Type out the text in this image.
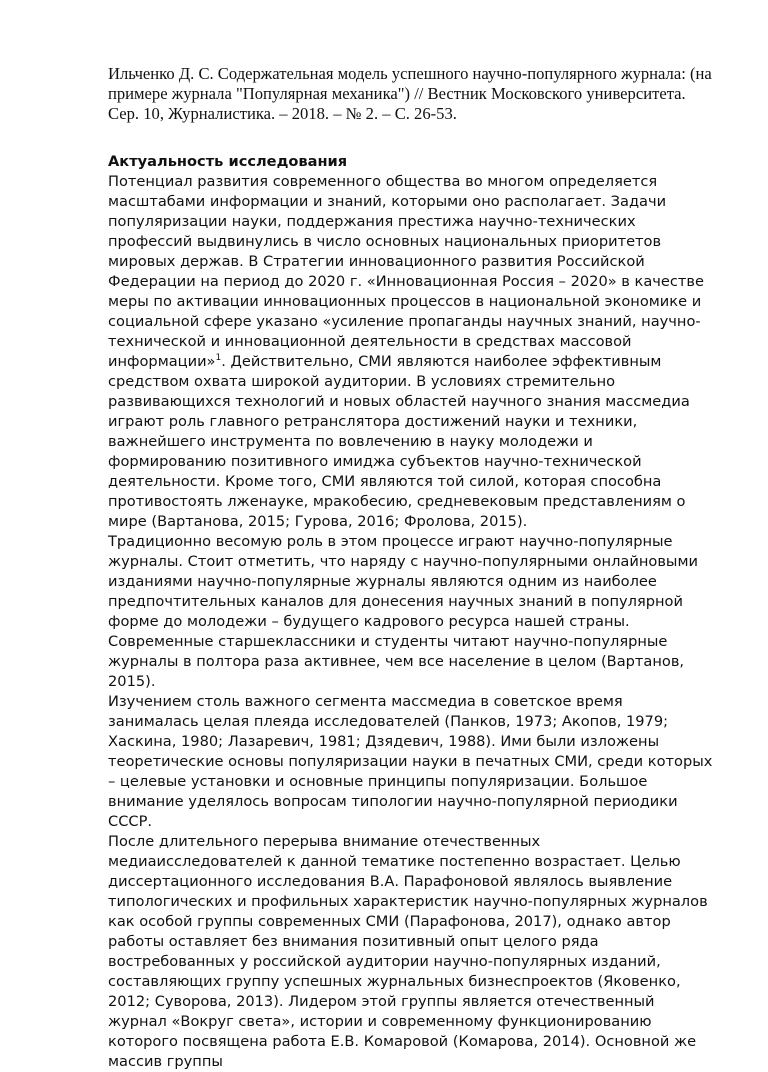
Ильченко Д. С. Содержательная модель успешного научно-популярного журнала: (на примере журнала "Популярная механика") // Вестник Московского университета. Сер. 10, Журналистика. – 2018. – № 2. – С. 26-53.

Актуальность исследования

Потенциал развития современного общества во многом определяется масштабами информации и знаний, которыми оно располагает. Задачи популяризации науки, поддержания престижа научно-технических профессий выдвинулись в число основных национальных приоритетов мировых держав. В Стратегии инновационного развития Российской Федерации на период до 2020 г. «Инновационная Россия – 2020» в качестве меры по активации инновационных процессов в национальной экономике и социальной сфере указано «усиление пропаганды научных знаний, научно-технической и инновационной деятельности в средствах массовой информации»$^1$. Действительно, СМИ являются наиболее эффективным средством охвата широкой аудитории. В условиях стремительно развивающихся технологий и новых областей научного знания массмедиа играют роль главного ретранслятора достижений науки и техники, важнейшего инструмента по вовлечению в науку молодежи и формированию позитивного имиджа субъектов научно-технической деятельности. Кроме того, СМИ являются той силой, которая способна противостоять лженауке, мракобесию, средневековым представлениям о мире (Вартанова, 2015; Гурова, 2016; Фролова, 2015).

Традиционно весомую роль в этом процессе играют научно-популярные журналы. Стоит отметить, что наряду с научно-популярными онлайновыми изданиями научно-популярные журналы являются одним из наиболее предпочтительных каналов для донесения научных знаний в популярной форме до молодежи – будущего кадрового ресурса нашей страны. Современные старшеклассники и студенты читают научно-популярные журналы в полтора раза активнее, чем все население в целом (Вартанов, 2015).

Изучением столь важного сегмента массмедиа в советское время занималась целая плеяда исследователей (Панков, 1973; Акопов, 1979; Хаскина, 1980; Лазаревич, 1981; Дзядевич, 1988). Ими были изложены теоретические основы популяризации науки в печатных СМИ, среди которых – целевые установки и основные принципы популяризации. Большое внимание уделялось вопросам типологии научно-популярной периодики СССР.

После длительного перерыва внимание отечественных медиаисследователей к данной тематике постепенно возрастает. Целью диссертационного исследования В.А. Парафоновой являлось выявление типологических и профильных характеристик научно-популярных журналов как особой группы современных СМИ (Парафонова, 2017), однако автор работы оставляет без внимания позитивный опыт целого ряда востребованных у российской аудитории научно-популярных изданий, составляющих группу успешных журнальных бизнеспроектов (Яковенко, 2012; Суворова, 2013). Лидером этой группы является отечественный журнал «Вокруг света», истории и современному функционированию которого посвящена работа Е.В. Комаровой (Комарова, 2014). Основной же массив группы
